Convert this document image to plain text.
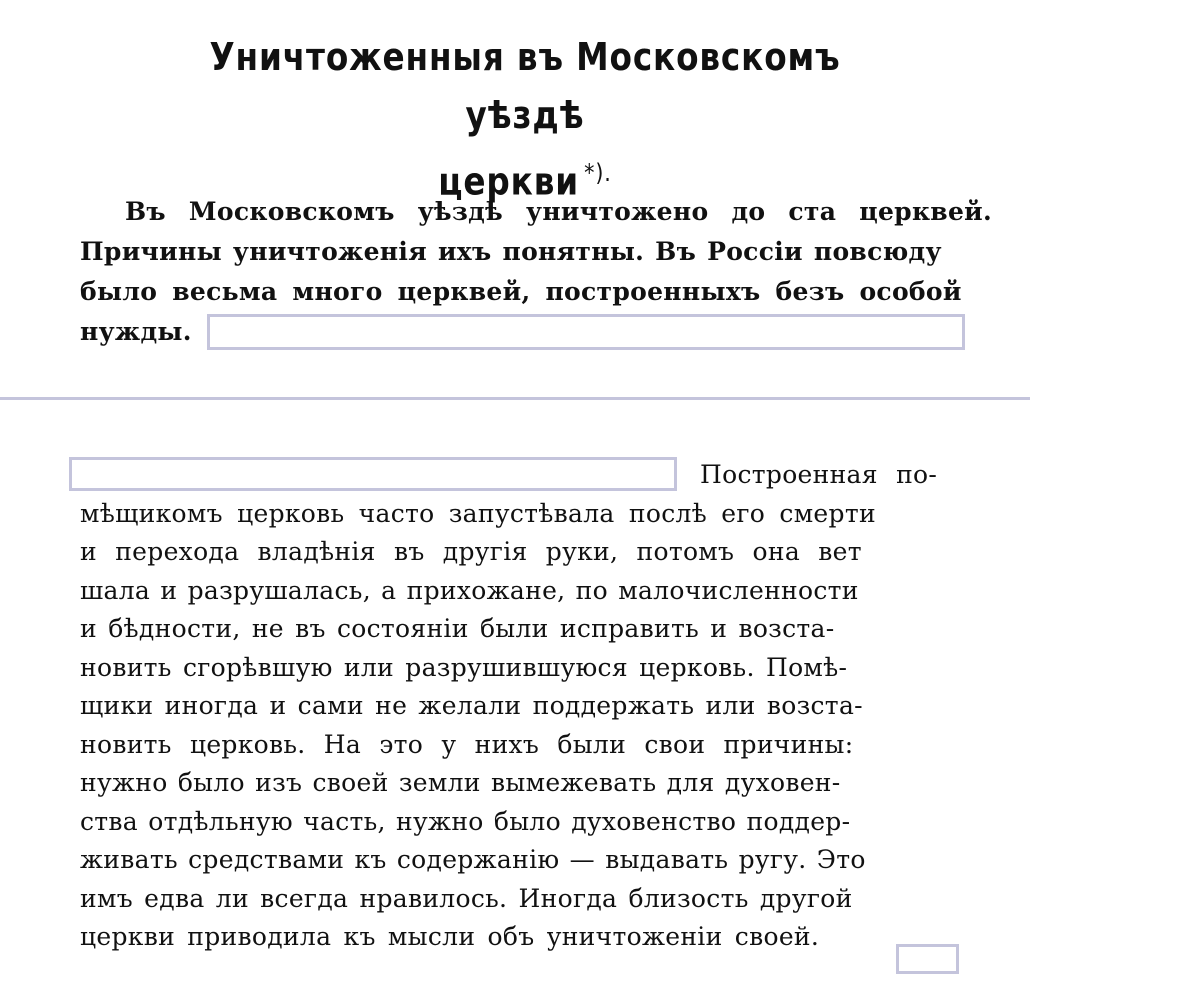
Уничтоженныя въ Московскомъ уѣздѣ
церкви *).
Въ Московскомъ уѣздѣ уничтожено до ста церквей.
Причины уничтоженія ихъ понятны. Въ Россіи повсюду
было весьма много церквей, построенныхъ безъ особой
нужды.
Построенная по-
мѣщикомъ церковь часто запустѣвала послѣ его смерти
и перехода владѣнія въ другія руки, потомъ она вет
шала и разрушалась, а прихожане, по малочисленности
и бѣдности, не въ состояніи были исправить и возста-
новить сгорѣвшую или разрушившуюся церковь. Помѣ-
щики иногда и сами не желали поддержать или возста-
новить церковь. На это у нихъ были свои причины:
нужно было изъ своей земли вымежевать для духовен-
ства отдѣльную часть, нужно было духовенство поддер-
живать средствами къ содержанію — выдавать ругу. Это
имъ едва ли всегда нравилось. Иногда близость другой
церкви приводила къ мысли объ уничтоженіи своей.
